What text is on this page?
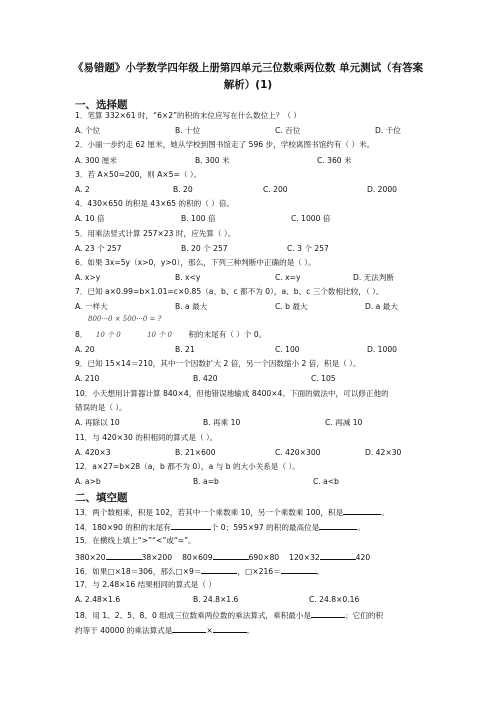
《易错题》小学数学四年级上册第四单元三位数乘两位数 单元测试（有答案
解析）(1)
一、选择题
1．笔算 332×61 时，“6×2”的积的末位应写在什么数位上？（ ）
A. 个位	B. 十位	C. 百位	D. 千位
2．小丽一步约走 62 厘米，她从学校到图书馆走了 596 步，学校离图书馆约有（ ）米。
A. 300 厘米	B. 300 米	C. 360 米
3．若 A×50=200，则 A×5=（ ）。
A. 2	B. 20	C. 200	D. 2000
4．430×650 的积是 43×65 的积的（ ）倍。
A. 10 倍	B. 100 倍	C. 1000 倍
5．用乘法竖式计算 257×23 时，应先算（ ）。
A. 23 个 257	B. 20 个 257	C. 3 个 257
6．如果 3x=5y（x>0，y>0），那么，下列三种判断中正确的是（ ）。
A. x>y	B. x<y	C. x=y	D. 无法判断
7．已知 a×0.99=b×1.01=c×0.85（a、b、c 都不为 0），a、b、c 三个数相比较，（ ）。
A. 一样大	B. a 最大	C. b 最大	D. a 最大
800···0 × 500···0 = ?
8． 10 个 0	10 个 0 积的末尾有（ ）个 0。
A. 20	B. 21	C. 100	D. 1000
9．已知 15×14＝210，其中一个因数扩大 2 倍，另一个因数缩小 2 倍，积是（ ）。
A. 210	B. 420	C. 105
10．小天想用计算器计算 840×4，但他错误地输成 8400×4。下面的做法中，可以修正他的
错误的是（ ）。
A. 再除以 10	B. 再乘 10	C. 再减 10
11．与 420×30 的积相同的算式是（ ）。
A. 420×3	B. 21×600	C. 420×300	D. 42×30
12．a×27=b×28（a，b 都不为 0），a 与 b 的大小关系是（ ）。
A. a>b	B. a=b	C. a<b
二、填空题
13．两个数相乘，积是 102，若其中一个乘数乘 10，另一个乘数乘 100，积是	。
14．180×90 的积的末尾有	个 0；595×97 的积的最高位是	。
15．在横线上填上“>”“<”或“=”。
380×20	38×200 80×609	690×80 120×32	420
16．如果□×18＝306，那么□×9＝	，□×216＝	。
17．与 2.48×16 结果相同的算式是（ ）
A. 2.48×1.6	B. 24.8×1.6	C. 24.8×0.16
18．用 1、2、5、8、0 组成三位数乘两位数的乘法算式，乘积最小是	；它们的积
约等于 40000 的乘法算式是	×	。
